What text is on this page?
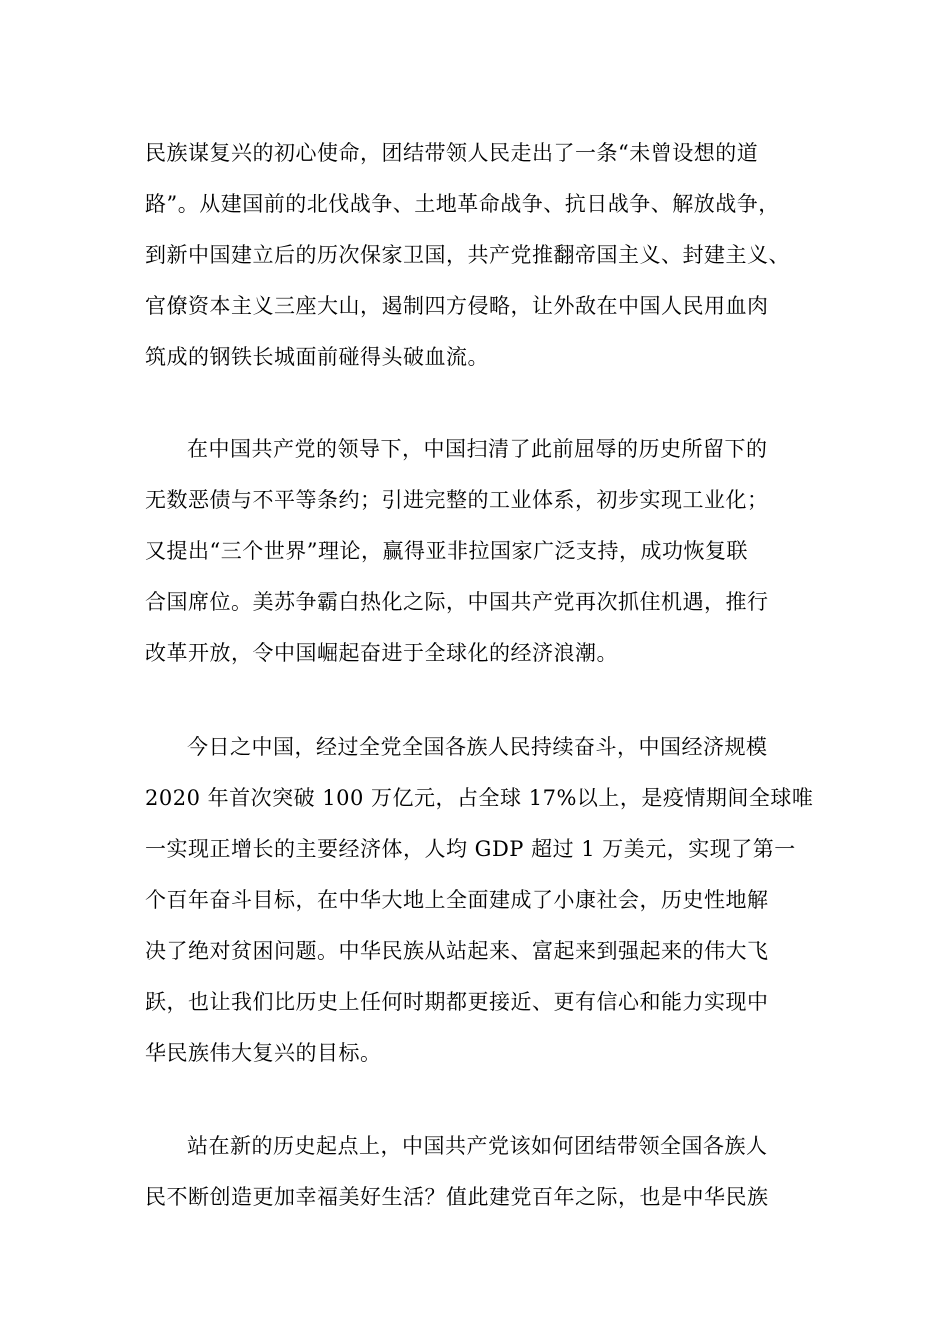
民族谋复兴的初心使命，团结带领人民走出了一条“未曾设想的道
路”。从建国前的北伐战争、土地革命战争、抗日战争、解放战争，
到新中国建立后的历次保家卫国，共产党推翻帝国主义、封建主义、
官僚资本主义三座大山，遏制四方侵略，让外敌在中国人民用血肉
筑成的钢铁长城面前碰得头破血流。
在中国共产党的领导下，中国扫清了此前屈辱的历史所留下的
无数恶债与不平等条约；引进完整的工业体系，初步实现工业化；
又提出“三个世界”理论，赢得亚非拉国家广泛支持，成功恢复联
合国席位。美苏争霸白热化之际，中国共产党再次抓住机遇，推行
改革开放，令中国崛起奋进于全球化的经济浪潮。
今日之中国，经过全党全国各族人民持续奋斗，中国经济规模
2020 年首次突破 100 万亿元，占全球 17%以上，是疫情期间全球唯
一实现正增长的主要经济体，人均 GDP 超过 1 万美元，实现了第一
个百年奋斗目标，在中华大地上全面建成了小康社会，历史性地解
决了绝对贫困问题。中华民族从站起来、富起来到强起来的伟大飞
跃，也让我们比历史上任何时期都更接近、更有信心和能力实现中
华民族伟大复兴的目标。
站在新的历史起点上，中国共产党该如何团结带领全国各族人
民不断创造更加幸福美好生活？值此建党百年之际，也是中华民族
